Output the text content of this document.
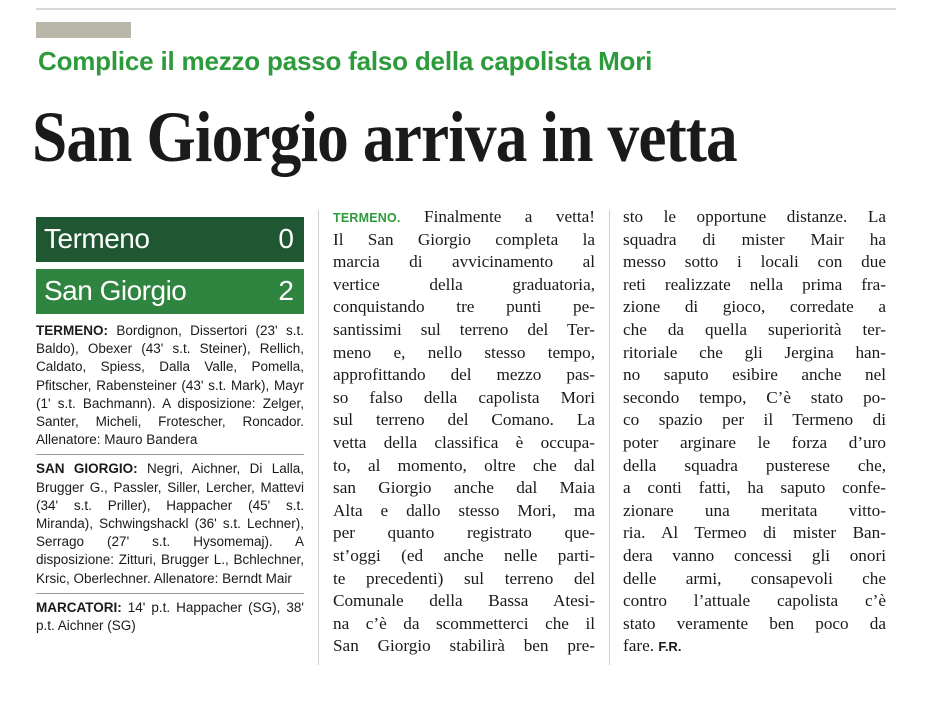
Complice il mezzo passo falso della capolista Mori
San Giorgio arriva in vetta
Termeno	0
San Giorgio	2

TERMENO: Bordignon, Dissertori (23' s.t. Baldo), Obexer (43' s.t. Steiner), Rellich, Caldato, Spiess, Dalla Valle, Pomella, Pfitscher, Rabensteiner (43' s.t. Mark), Mayr (1' s.t. Bachmann). A disposizione: Zelger, Santer, Micheli, Frotescher, Roncador. Allenatore: Mauro Bandera

SAN GIORGIO: Negri, Aichner, Di Lalla, Brugger G., Passler, Siller, Lercher, Mattevi (34' s.t. Priller), Happacher (45' s.t. Miranda), Schwingshackl (36' s.t. Lechner), Serrago (27' s.t. Hysomemaj). A disposizione: Zitturi, Brugger L., Bchlechner, Krsic, Oberlechner. Allenatore: Berndt Mair

MARCATORI: 14' p.t. Happacher (SG), 38' p.t. Aichner (SG)

TERMENO. Finalmente a vetta!
Il San Giorgio completa la
marcia di avvicinamento al
vertice della graduatoria,
conquistando tre punti pe-
santissimi sul terreno del Ter-
meno e, nello stesso tempo,
approfittando del mezzo pas-
so falso della capolista Mori
sul terreno del Comano. La
vetta della classifica è occupa-
to, al momento, oltre che dal
san Giorgio anche dal Maia
Alta e dallo stesso Mori, ma
per quanto registrato que-
st’oggi (ed anche nelle parti-
te precedenti) sul terreno del
Comunale della Bassa Atesi-
na c’è da scommetterci che il
San Giorgio stabilirà ben pre-
sto le opportune distanze. La
squadra di mister Mair ha
messo sotto i locali con due
reti realizzate nella prima fra-
zione di gioco, corredate a
che da quella superiorità ter-
ritoriale che gli Jergina han-
no saputo esibire anche nel
secondo tempo, C’è stato po-
co spazio per il Termeno di
poter arginare le forza d’uro
della squadra pusterese che,
a conti fatti, ha saputo confe-
zionare una meritata vitto-
ria. Al Termeo di mister Ban-
dera vanno concessi gli onori
delle armi, consapevoli che
contro l’attuale capolista c’è
stato veramente ben poco da
fare. F.R.
